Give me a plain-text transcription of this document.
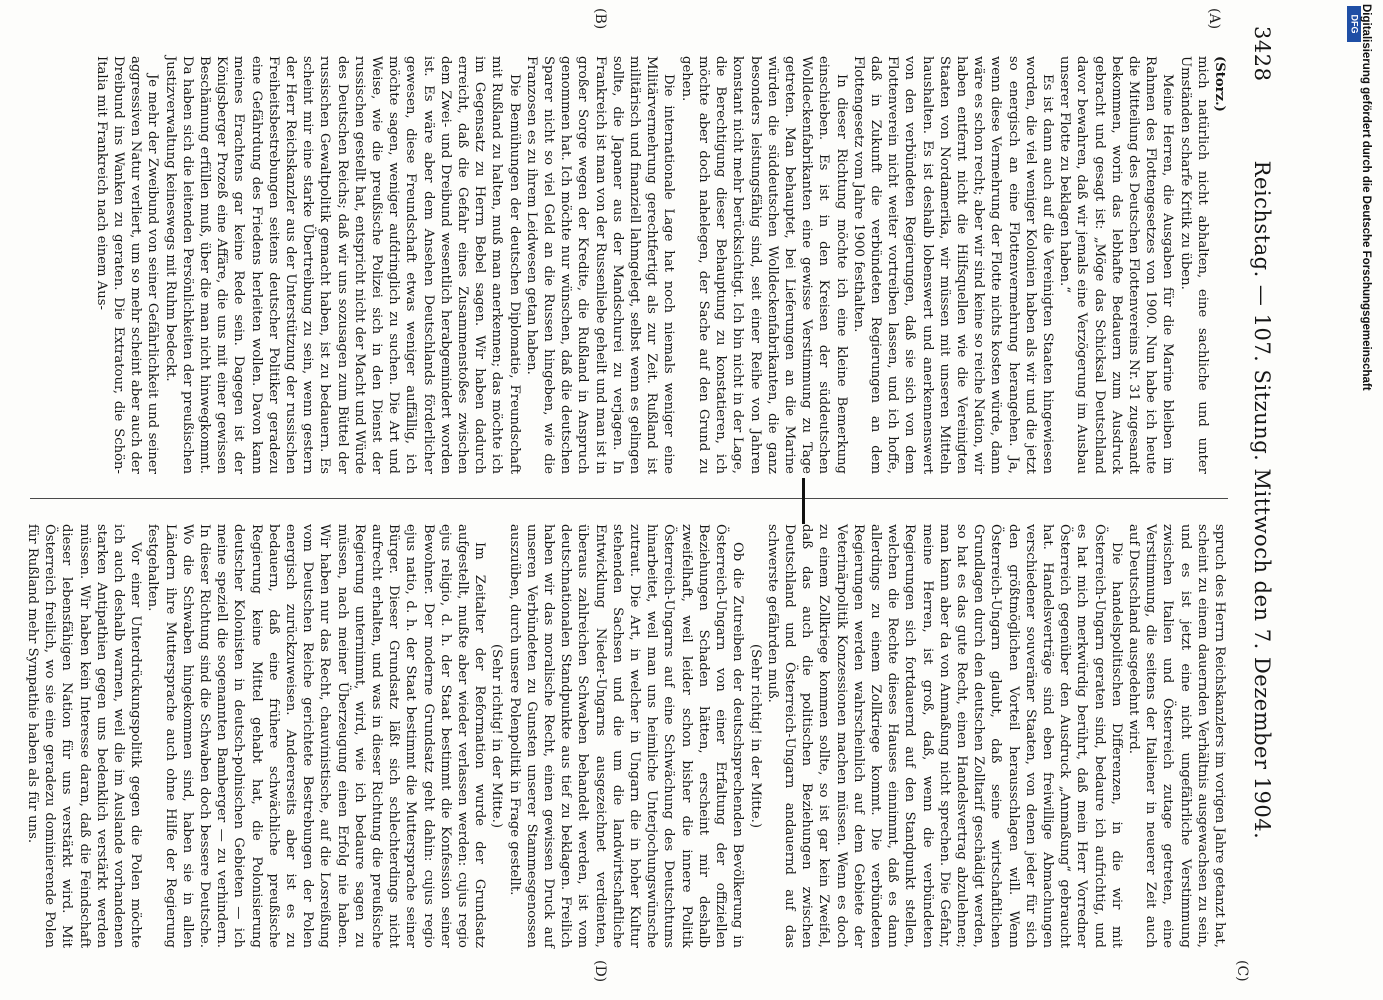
3428
Reichstag. — 107. Sitzung. Mittwoch den 7. Dezember 1904.
(A)
(B)
(C)
(D)

(Storz.)

mich natürlich nicht abhalten, eine sachliche und unter Umständen scharfe Kritik zu üben.

Meine Herren, die Ausgaben für die Marine bleiben im Rahmen des Flottengesetzes von 1900. Nun habe ich heute die Mitteilung des Deutschen Flottenvereins Nr. 31 zugesandt bekommen, worin das lebhafte Bedauern zum Ausdruck gebracht und gesagt ist: „Möge das Schicksal Deutschland davor bewahren, daß wir jemals eine Verzögerung im Ausbau unserer Flotte zu beklagen haben.“

Es ist dann auch auf die Vereinigten Staaten hingewiesen worden, die viel weniger Kolonien haben als wir und die jetzt so energisch an eine Flottenvermehrung herangehen. Ja, wenn diese Vermehrung der Flotte nichts kosten würde, dann wäre es schon recht; aber wir sind keine so reiche Nation, wir haben entfernt nicht die Hilfsquellen wie die Vereinigten Staaten von Nordamerika, wir müssen mit unseren Mitteln haushalten. Es ist deshalb lobenswert und anerkennenswert von den verbündeten Regierungen, daß sie sich von dem Flottenverein nicht weiter vortreiben lassen, und ich hoffe, daß in Zukunft die verbündeten Regierungen an dem Flottengesetz vom Jahre 1900 festhalten.

In dieser Richtung möchte ich eine kleine Bemerkung einschieben. Es ist in den Kreisen der süddeutschen Wolldeckenfabrikanten eine gewisse Verstimmung zu Tage getreten. Man behauptet, bei Lieferungen an die Marine würden die süddeutschen Wolldeckenfabrikanten, die ganz besonders leistungsfähig sind, seit einer Reihe von Jahren konstant nicht mehr berücksichtigt. Ich bin nicht in der Lage, die Berechtigung dieser Behauptung zu konstatieren, ich möchte aber doch nahelegen, der Sache auf den Grund zu gehen.

Die internationale Lage hat noch niemals weniger eine Militärvermehrung gerechtfertigt als zur Zeit. Rußland ist militärisch und finanziell lahmgelegt, selbst wenn es gelingen sollte, die Japaner aus der Mandschurei zu verjagen. In Frankreich ist man von der Russenliebe geheilt und man ist in großer Sorge wegen der Kredite, die Rußland in Anspruch genommen hat. Ich möchte nur wünschen, daß die deutschen Sparer nicht so viel Geld an die Russen hingeben, wie die Franzosen es zu ihrem Leidwesen getan haben.

Die Bemühungen der deutschen Diplomatie, Freundschaft mit Rußland zu halten, muß man anerkennen; das möchte ich im Gegensatz zu Herrn Bebel sagen. Wir haben dadurch erreicht, daß die Gefahr eines Zusammenstoßes zwischen dem Zwei- und Dreibund wesentlich herabgemindert worden ist. Es wäre aber dem Ansehen Deutschlands förderlicher gewesen, diese Freundschaft etwas weniger auffällig, ich möchte sagen, weniger aufdringlich zu suchen. Die Art und Weise, wie die preußische Polizei sich in den Dienst der russischen gestellt hat, entspricht nicht der Macht und Würde des Deutschen Reichs; daß wir uns sozusagen zum Büttel der russischen Gewaltpolitik gemacht haben, ist zu bedauern. Es scheint mir eine starke Übertreibung zu sein, wenn gestern der Herr Reichskanzler aus der Unterstützung der russischen Freiheitsbestrebungen seitens deutscher Politiker geradezu eine Gefährdung des Friedens herleiten wollen. Davon kann meines Erachtens gar keine Rede sein. Dagegen ist der Königsberger Prozeß eine Affäre, die uns mit einer gewissen Beschämung erfüllen muß, über die man nicht hinwegkommt. Da haben sich die leitenden Persönlichkeiten der preußischen Justizverwaltung keineswegs mit Ruhm bedeckt.

Je mehr der Zweibund von seiner Gefährlichkeit und seiner aggressiven Natur verliert, um so mehr scheint aber auch der Dreibund ins Wanken zu geraten. Die Extratour, die Schön-Italia mit Frankreich nach einem Aus-

spruch des Herrn Reichskanzlers im vorigen Jahre getanzt hat, scheint zu einem dauernden Verhältnis ausgewachsen zu sein, und es ist jetzt eine nicht ungefährliche Verstimmung zwischen Italien und Österreich zutage getreten, eine Verstimmung, die seitens der Italiener in neuerer Zeit auch auf Deutschland ausgedehnt wird.

Die handelspolitischen Differenzen, in die wir mit Österreich-Ungarn geraten sind, bedaure ich aufrichtig, und es hat mich merkwürdig berührt, daß mein Herr Vorredner Österreich gegenüber den Ausdruck „Anmaßung“ gebraucht hat. Handelsverträge sind eben freiwillige Abmachungen verschiedener souveräner Staaten, von denen jeder für sich den größtmöglichen Vorteil herausschlagen will. Wenn Österreich-Ungarn glaubt, daß seine wirtschaftlichen Grundlagen durch den deutschen Zolltarif geschädigt werden, so hat es das gute Recht, einen Handelsvertrag abzulehnen; man kann aber da von Anmaßung nicht sprechen. Die Gefahr, meine Herren, ist groß, daß, wenn die verbündeten Regierungen sich fortdauernd auf den Standpunkt stellen, welchen die Rechte dieses Hauses einnimmt, daß es dann allerdings zu einem Zollkriege kommt. Die verbündeten Regierungen werden wahrscheinlich auf dem Gebiete der Veterinärpolitik Konzessionen machen müssen. Wenn es doch zu einem Zollkriege kommen sollte, so ist gar kein Zweifel, daß das auch die politischen Beziehungen zwischen Deutschland und Österreich-Ungarn andauernd auf das schwerste gefährden muß.

(Sehr richtig! in der Mitte.)

Ob die Zutreiben der deutschsprechenden Bevölkerung in Österreich-Ungarn von einer Erfaltung der offiziellen Beziehungen Schaden hätten, erscheint mir deshalb zweifelhaft, weil leider schon bisher die innere Politik Österreich-Ungarns auf eine Schwächung des Deutschtums hinarbeitet, weil man uns heimliche Unterjochungswünsche zutraut. Die Art, in welcher in Ungarn die in hoher Kultur stehenden Sachsen und die um die landwirtschaftliche Entwicklung Nieder-Ungarns ausgezeichnet verdienten, überaus zahlreichen Schwaben behandelt werden, ist vom deutschnationalen Standpunkte aus tief zu beklagen. Freilich haben wir das moralische Recht, einen gewissen Druck auf unseren Verbündeten zu Gunsten unserer Stammesgenossen auszuüben, durch unsere Polenpolitik in Frage gestellt.

(Sehr richtig! in der Mitte.)

Im Zeitalter der Reformation wurde der Grundsatz aufgestellt, mußte aber wieder verlassen werden: cujus regio ejus religio, d. h. der Staat bestimmt die Konfession seiner Bewohner. Der moderne Grundsatz geht dahin: cujus regio ejus natio, d. h. der Staat bestimmt die Muttersprache seiner Bürger. Dieser Grundsatz läßt sich schlechterdings nicht aufrecht erhalten, und was in dieser Richtung die preußische Regierung unternimmt, wird, wie ich bedaure sagen zu müssen, nach meiner Überzeugung einen Erfolg nie haben. Wir haben nur das Recht, chauvinistische, auf die Losreißung vom Deutschen Reiche gerichtete Bestrebungen der Polen energisch zurückzuweisen. Andererseits aber ist es zu bedauern, daß eine frühere schwächliche preußische Regierung keine Mittel gehabt hat, die Polonisierung deutscher Kolonisten in deutsch-polnischen Gebieten — ich meine speziell die sogenannten Bamberger — zu verhindern. In dieser Richtung sind die Schwaben doch bessere Deutsche. Wo die Schwaben hingekommen sind, haben sie in allen Ländern ihre Muttersprache auch ohne Hilfe der Regierung festgehalten.

Vor einer Unterdrückungspolitik gegen die Polen möchte ich auch deshalb warnen, weil die im Auslande vorhandenen starken Antipathien gegen uns bedenklich verstärkt werden müssen. Wir haben kein Interesse daran, daß die Feindschaft dieser lebensfähigen Nation für uns verstärkt wird. Mit Österreich freilich, wo sie eine geradezu dominierende Polen für Rußland mehr Sympathie haben als für uns.

DFG Digitalisierung gefördert durch die Deutsche Forschungsgemeinschaft
